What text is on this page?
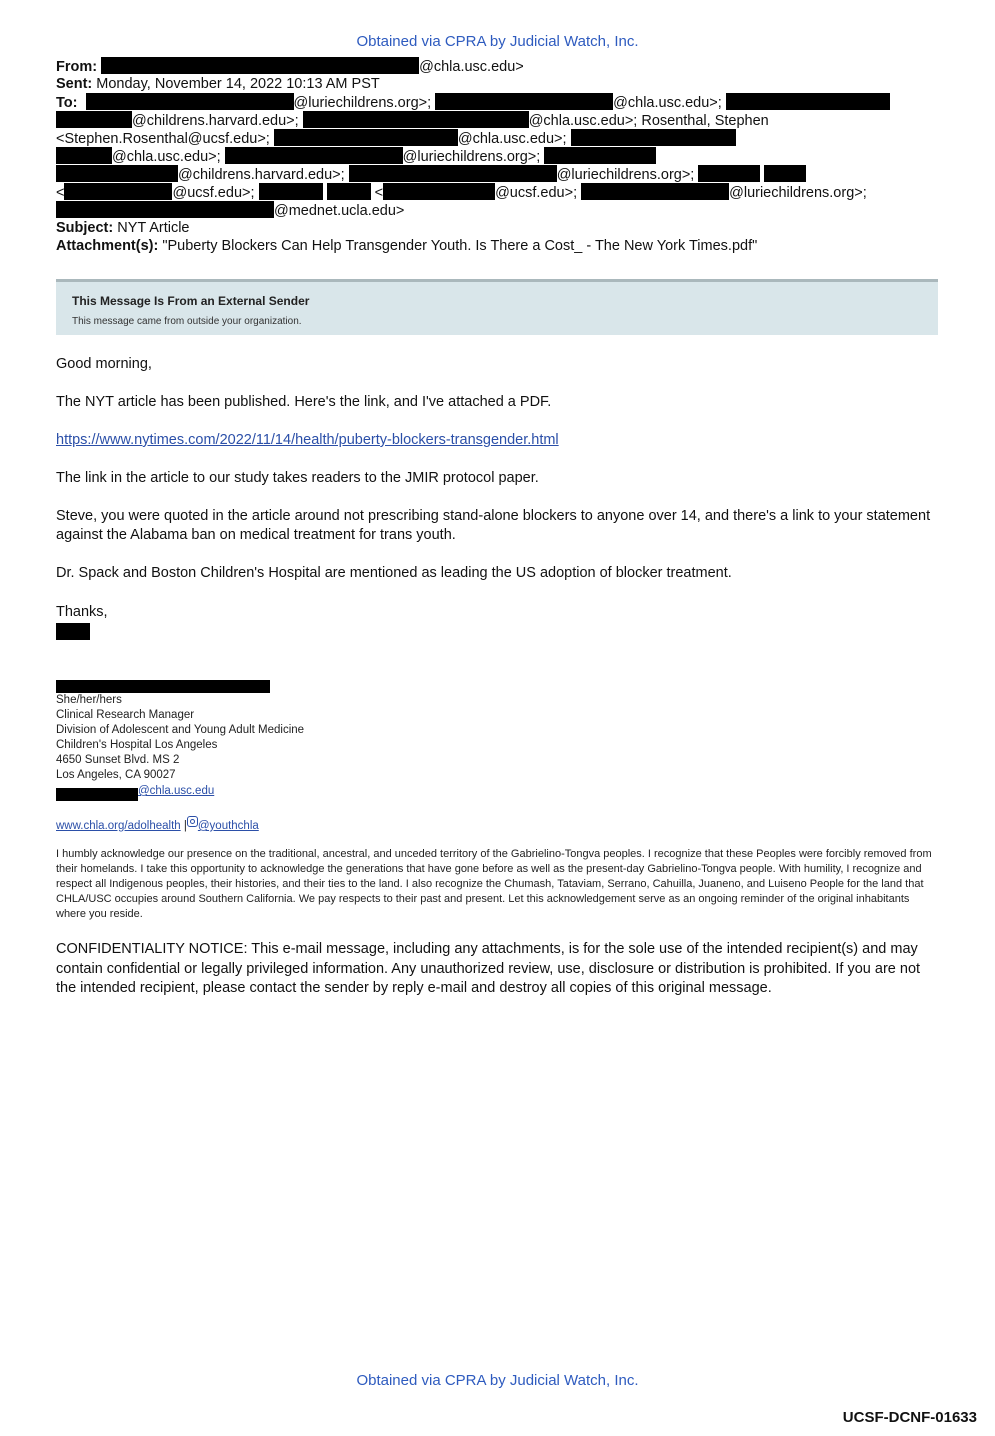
Obtained via CPRA by Judicial Watch, Inc.
From:	@chla.usc.edu>
Sent: Monday, November 14, 2022 10:13 AM PST
To:	@luriechildrens.org>;	@chla.usc.edu>;
@childrens.harvard.edu>;	@chla.usc.edu>; Rosenthal, Stephen
<Stephen.Rosenthal@ucsf.edu>;	@chla.usc.edu>;
@chla.usc.edu>;	@luriechildrens.org>;
@childrens.harvard.edu>;	@luriechildrens.org>;
<	@ucsf.edu>;	<	@ucsf.edu>;	@luriechildrens.org>;
@mednet.ucla.edu>
Subject: NYT Article
Attachment(s): "Puberty Blockers Can Help Transgender Youth. Is There a Cost_ - The New York Times.pdf"
This Message Is From an External Sender
This message came from outside your organization.
Good morning,
The NYT article has been published. Here's the link, and I've attached a PDF.
https://www.nytimes.com/2022/11/14/health/puberty-blockers-transgender.html
The link in the article to our study takes readers to the JMIR protocol paper.
Steve, you were quoted in the article around not prescribing stand-alone blockers to anyone over 14, and there's a link to your statement against the Alabama ban on medical treatment for trans youth.
Dr. Spack and Boston Children's Hospital are mentioned as leading the US adoption of blocker treatment.
Thanks,
She/her/hers
Clinical Research Manager
Division of Adolescent and Young Adult Medicine
Children's Hospital Los Angeles
4650 Sunset Blvd. MS 2
Los Angeles, CA 90027
@chla.usc.edu
www.chla.org/adolhealth | @youthchla
I humbly acknowledge our presence on the traditional, ancestral, and unceded territory of the Gabrielino-Tongva peoples. I recognize that these Peoples were forcibly removed from their homelands. I take this opportunity to acknowledge the generations that have gone before as well as the present-day Gabrielino-Tongva people. With humility, I recognize and respect all Indigenous peoples, their histories, and their ties to the land. I also recognize the Chumash, Tataviam, Serrano, Cahuilla, Juaneno, and Luiseno People for the land that CHLA/USC occupies around Southern California. We pay respects to their past and present. Let this acknowledgement serve as an ongoing reminder of the original inhabitants where you reside.
CONFIDENTIALITY NOTICE: This e-mail message, including any attachments, is for the sole use of the intended recipient(s) and may contain confidential or legally privileged information. Any unauthorized review, use, disclosure or distribution is prohibited. If you are not the intended recipient, please contact the sender by reply e-mail and destroy all copies of this original message.
Obtained via CPRA by Judicial Watch, Inc.
UCSF-DCNF-01633
